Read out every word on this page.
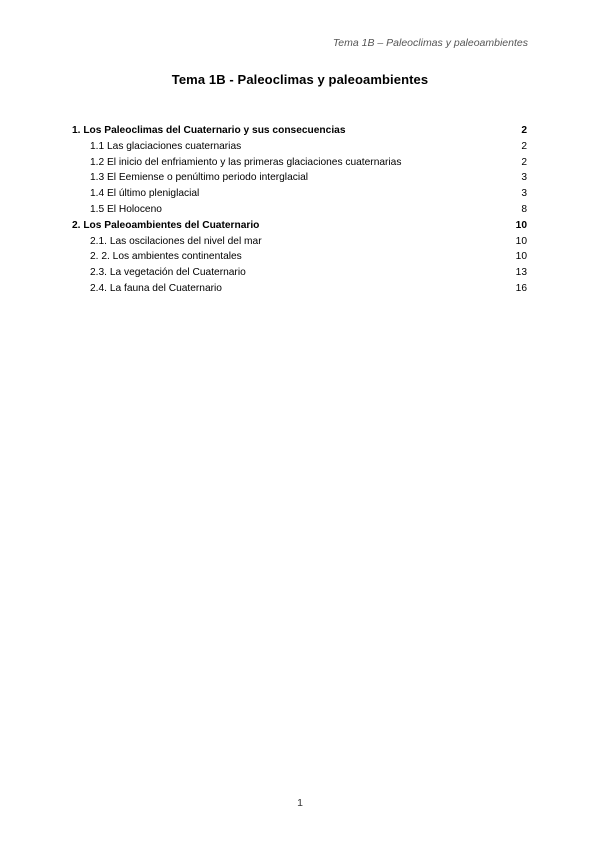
Tema 1B – Paleoclimas y paleoambientes
Tema 1B - Paleoclimas y paleoambientes
1. Los Paleoclimas del Cuaternario y sus consecuencias	2
1.1 Las glaciaciones cuaternarias	2
1.2 El inicio del enfriamiento y las primeras glaciaciones cuaternarias	2
1.3 El Eemiense o penúltimo periodo interglacial	3
1.4 El último pleniglacial	3
1.5 El Holoceno	8
2. Los Paleoambientes del Cuaternario	10
2.1. Las oscilaciones del nivel del mar	10
2. 2. Los ambientes continentales	10
2.3. La vegetación del Cuaternario	13
2.4. La fauna del Cuaternario	16
1
